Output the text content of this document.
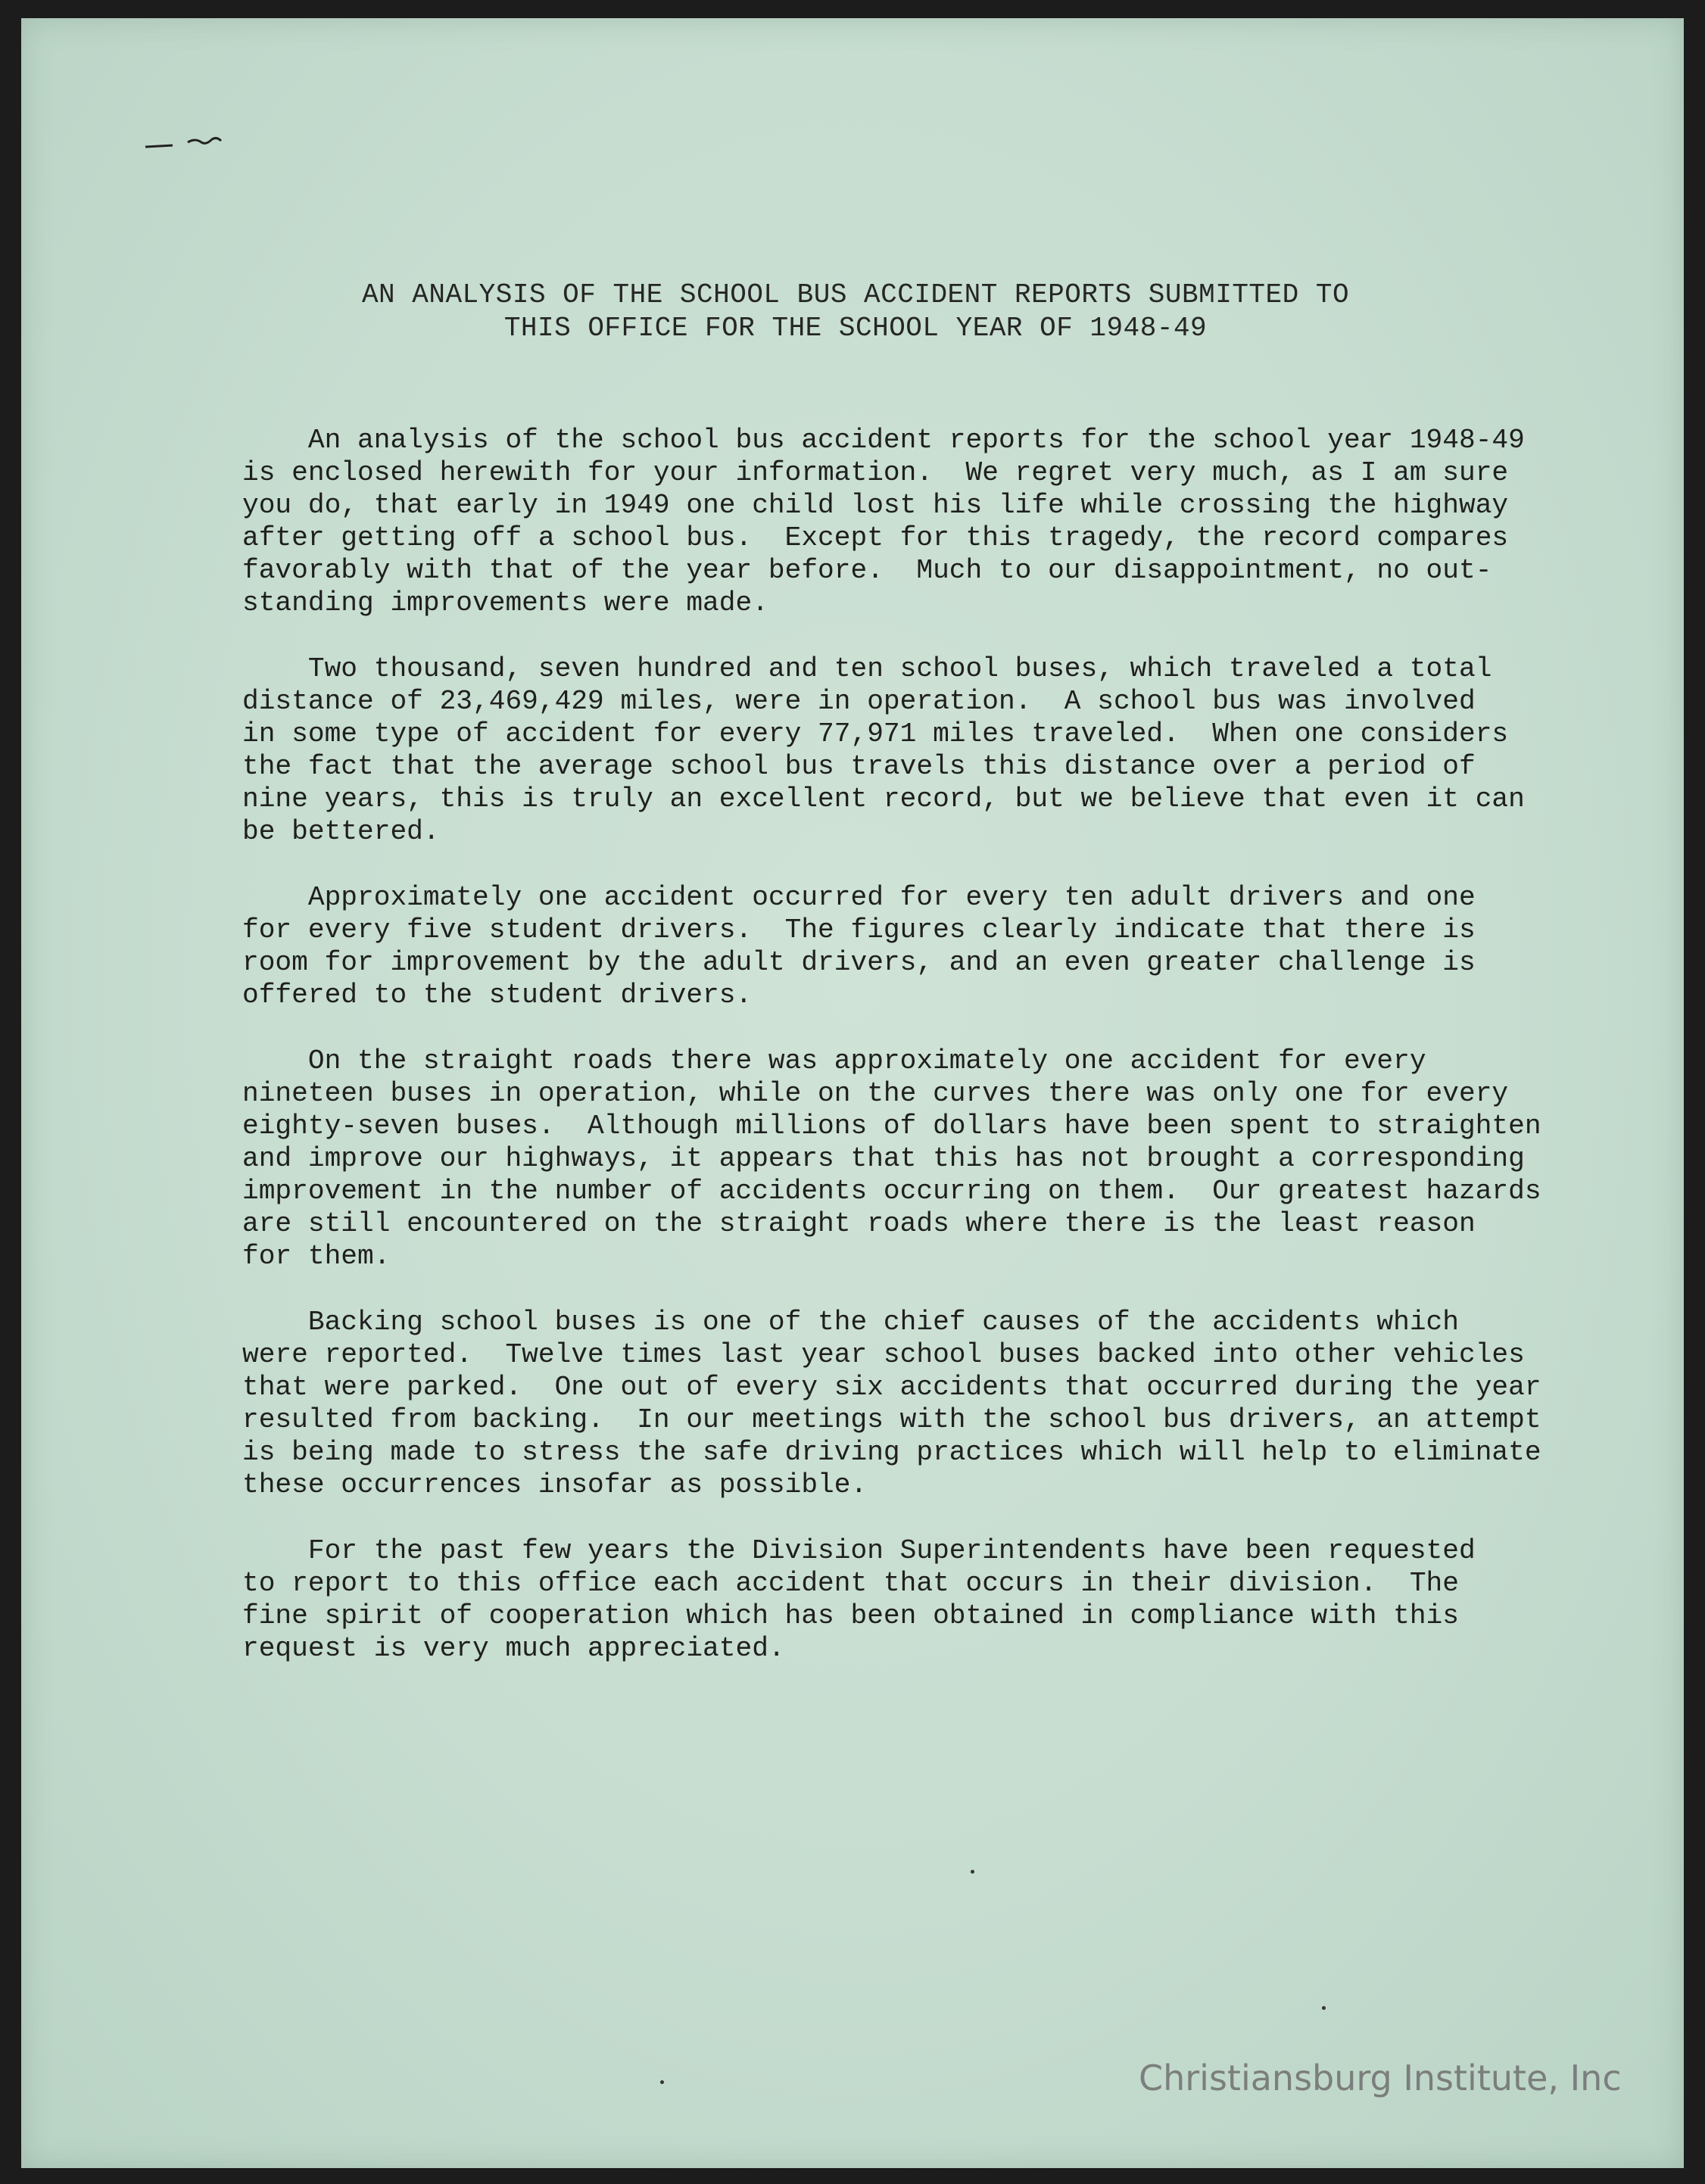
AN ANALYSIS OF THE SCHOOL BUS ACCIDENT REPORTS SUBMITTED TO
THIS OFFICE FOR THE SCHOOL YEAR OF 1948-49

An analysis of the school bus accident reports for the school year 1948-49
is enclosed herewith for your information.  We regret very much, as I am sure
you do, that early in 1949 one child lost his life while crossing the highway
after getting off a school bus.  Except for this tragedy, the record compares
favorably with that of the year before.  Much to our disappointment, no out-
standing improvements were made.

Two thousand, seven hundred and ten school buses, which traveled a total
distance of 23,469,429 miles, were in operation.  A school bus was involved
in some type of accident for every 77,971 miles traveled.  When one considers
the fact that the average school bus travels this distance over a period of
nine years, this is truly an excellent record, but we believe that even it can
be bettered.

Approximately one accident occurred for every ten adult drivers and one
for every five student drivers.  The figures clearly indicate that there is
room for improvement by the adult drivers, and an even greater challenge is
offered to the student drivers.

On the straight roads there was approximately one accident for every
nineteen buses in operation, while on the curves there was only one for every
eighty-seven buses.  Although millions of dollars have been spent to straighten
and improve our highways, it appears that this has not brought a corresponding
improvement in the number of accidents occurring on them.  Our greatest hazards
are still encountered on the straight roads where there is the least reason
for them.

Backing school buses is one of the chief causes of the accidents which
were reported.  Twelve times last year school buses backed into other vehicles
that were parked.  One out of every six accidents that occurred during the year
resulted from backing.  In our meetings with the school bus drivers, an attempt
is being made to stress the safe driving practices which will help to eliminate
these occurrences insofar as possible.

For the past few years the Division Superintendents have been requested
to report to this office each accident that occurs in their division.  The
fine spirit of cooperation which has been obtained in compliance with this
request is very much appreciated.

Christiansburg Institute, Inc
